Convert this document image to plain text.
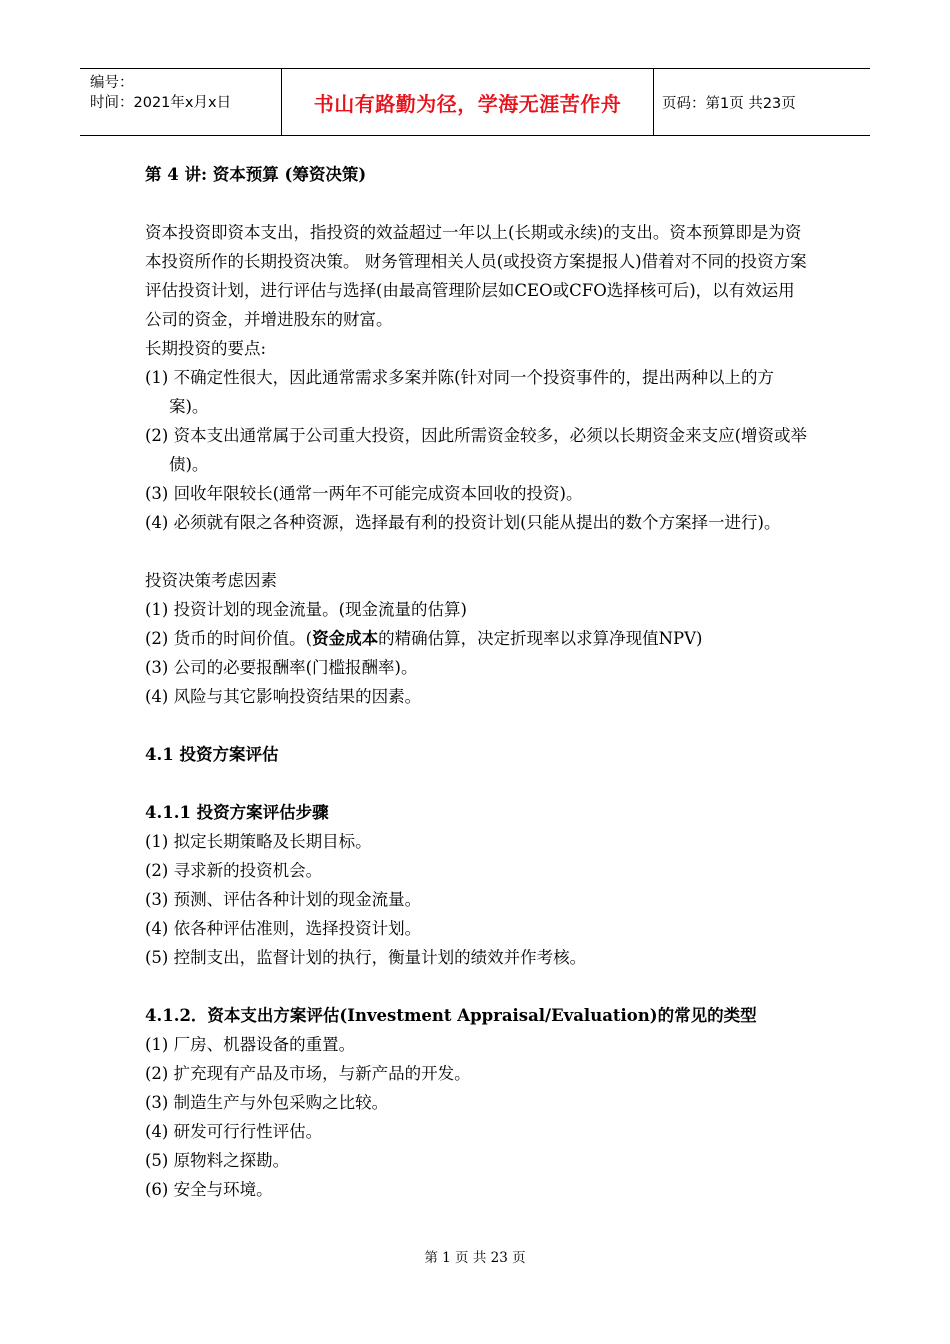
编号：
时间：2021年x月x日	书山有路勤为径，学海无涯苦作舟	页码：第1页 共23页

第 4 讲: 资本预算 (筹资决策)

资本投资即资本支出，指投资的效益超过一年以上(长期或永续)的支出。资本预算即是为资本投资所作的长期投资决策。 财务管理相关人员(或投资方案提报人)借着对不同的投资方案评估投资计划，进行评估与选择(由最高管理阶层如CEO或CFO选择核可后)，以有效运用公司的资金，并增进股东的财富。

长期投资的要点:

(1) 不确定性很大，因此通常需求多案并陈(针对同一个投资事件的，提出两种以上的方案)。

(2) 资本支出通常属于公司重大投资，因此所需资金较多，必须以长期资金来支应(增资或举债)。

(3) 回收年限较长(通常一两年不可能完成资本回收的投资)。

(4) 必须就有限之各种资源，选择最有利的投资计划(只能从提出的数个方案择一进行)。

投资决策考虑因素

(1) 投资计划的现金流量。(现金流量的估算)

(2) 货币的时间价值。(资金成本的精确估算，决定折现率以求算净现值NPV)

(3) 公司的必要报酬率(门槛报酬率)。

(4) 风险与其它影响投资结果的因素。

4.1 投资方案评估

4.1.1 投资方案评估步骤

(1) 拟定长期策略及长期目标。

(2) 寻求新的投资机会。

(3) 预测、评估各种计划的现金流量。

(4) 依各种评估准则，选择投资计划。

(5) 控制支出，监督计划的执行，衡量计划的绩效并作考核。

4.1.2．资本支出方案评估(Investment Appraisal/Evaluation)的常见的类型

(1) 厂房、机器设备的重置。

(2) 扩充现有产品及市场，与新产品的开发。

(3) 制造生产与外包采购之比较。

(4) 研发可行行性评估。

(5) 原物料之探勘。

(6) 安全与环境。

第 1 页 共 23 页
